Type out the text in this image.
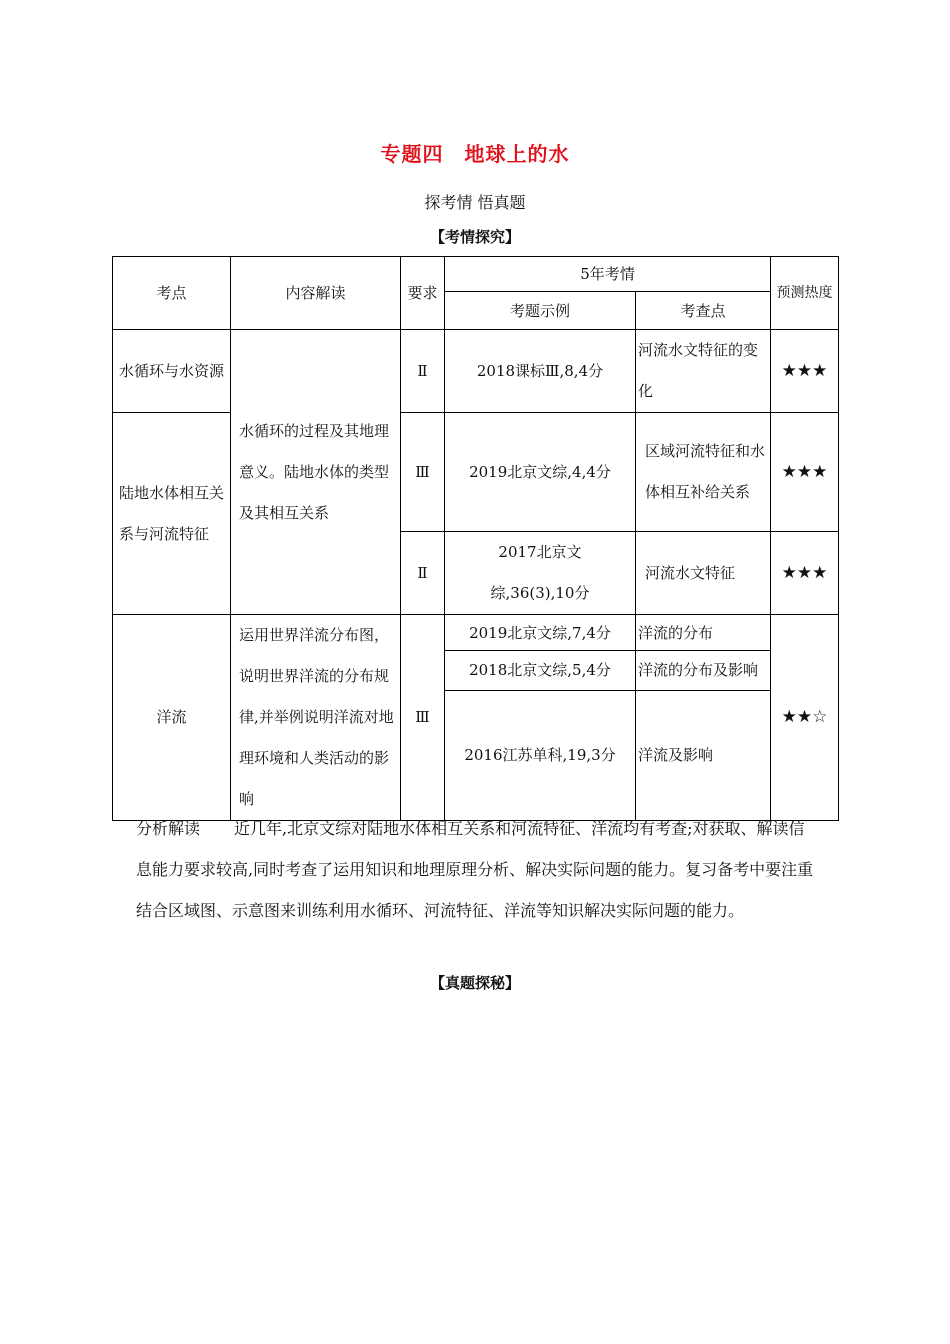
专题四　地球上的水
探考情 悟真题
【考情探究】
考点	内容解读	要求	5年考情		预测热度
			考题示例	考查点	
水循环与水资源	水循环的过程及其地理意义。陆地水体的类型及其相互关系	Ⅱ	2018课标Ⅲ,8,4分	河流水文特征的变化	★★★
陆地水体相互关系与河流特征		Ⅲ	2019北京文综,4,4分	区域河流特征和水体相互补给关系	★★★
		Ⅱ	2017北京文综,36(3),10分	河流水文特征	★★★
洋流	运用世界洋流分布图，说明世界洋流的分布规律,并举例说明洋流对地理环境和人类活动的影响	Ⅲ	2019北京文综,7,4分	洋流的分布	★★☆
			2018北京文综,5,4分	洋流的分布及影响	
			2016江苏单科,19,3分	洋流及影响	
分析解读 近几年,北京文综对陆地水体相互关系和河流特征、洋流均有考查;对获取、解读信息能力要求较高,同时考查了运用知识和地理原理分析、解决实际问题的能力。复习备考中要注重结合区域图、示意图来训练利用水循环、河流特征、洋流等知识解决实际问题的能力。
【真题探秘】
